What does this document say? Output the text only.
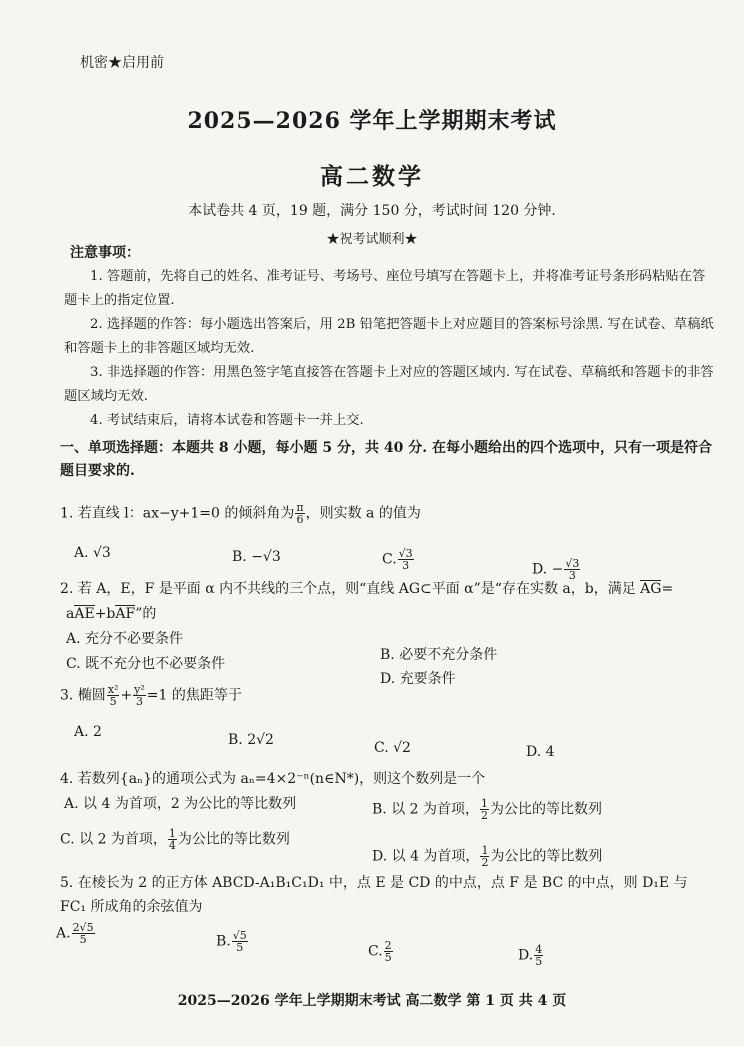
机密★启用前
2025—2026 学年上学期期末考试
高二数学
本试卷共 4 页，19 题，满分 150 分，考试时间 120 分钟.
★祝考试顺利★
注意事项：
1. 答题前，先将自己的姓名、准考证号、考场号、座位号填写在答题卡上，并将准考证号条形码粘贴在答题卡上的指定位置.
2. 选择题的作答：每小题选出答案后，用 2B 铅笔把答题卡上对应题目的答案标号涂黑. 写在试卷、草稿纸和答题卡上的非答题区域均无效.
3. 非选择题的作答：用黑色签字笔直接答在答题卡上对应的答题区域内. 写在试卷、草稿纸和答题卡的非答题区域均无效.
4. 考试结束后，请将本试卷和答题卡一并上交.
一、单项选择题：本题共 8 小题，每小题 5 分，共 40 分. 在每小题给出的四个选项中，只有一项是符合题目要求的.
1. 若直线 l：ax−y+1=0 的倾斜角为 $\frac{\pi}{6}$ ，则实数 a 的值为
A. √3	B. −√3	C. $\frac{√3}{3}$	D. − $\frac{√3}{3}$
2. 若 A，E，F 是平面 α 内不共线的三个点，则“直线 AG⊂平面 α”是“存在实数 a，b，满足 AG=
aAE+bAF”的
A. 充分不必要条件
B. 必要不充分条件
C. 既不充分也不必要条件
D. 充要条件
3. 椭圆 $\frac{\text{x²}}{5} + \frac{\text{y²}}{3} =1$ 的焦距等于
A. 2	B. 2√2	C. √2	D. 4
4. 若数列{aₙ}的通项公式为 aₙ=4×2⁻ⁿ(n∈N*)，则这个数列是一个
A. 以 4 为首项，2 为公比的等比数列	B. 以 2 为首项， $\frac{1}{2}$ 为公比的等比数列
C. 以 2 为首项， $\frac{1}{4}$ 为公比的等比数列
D. 以 4 为首项， $\frac{1}{2}$ 为公比的等比数列
5. 在棱长为 2 的正方体 ABCD-A₁B₁C₁D₁ 中，点 E 是 CD 的中点，点 F 是 BC 的中点，则 D₁E 与
FC₁ 所成角的余弦值为
A. $\frac{2√5}{5}$	B. $\frac{√5}{5}$	C. $\frac{2}{5}$	D. $\frac{4}{5}$
2025—2026 学年上学期期末考试 高二数学 第 1 页 共 4 页
